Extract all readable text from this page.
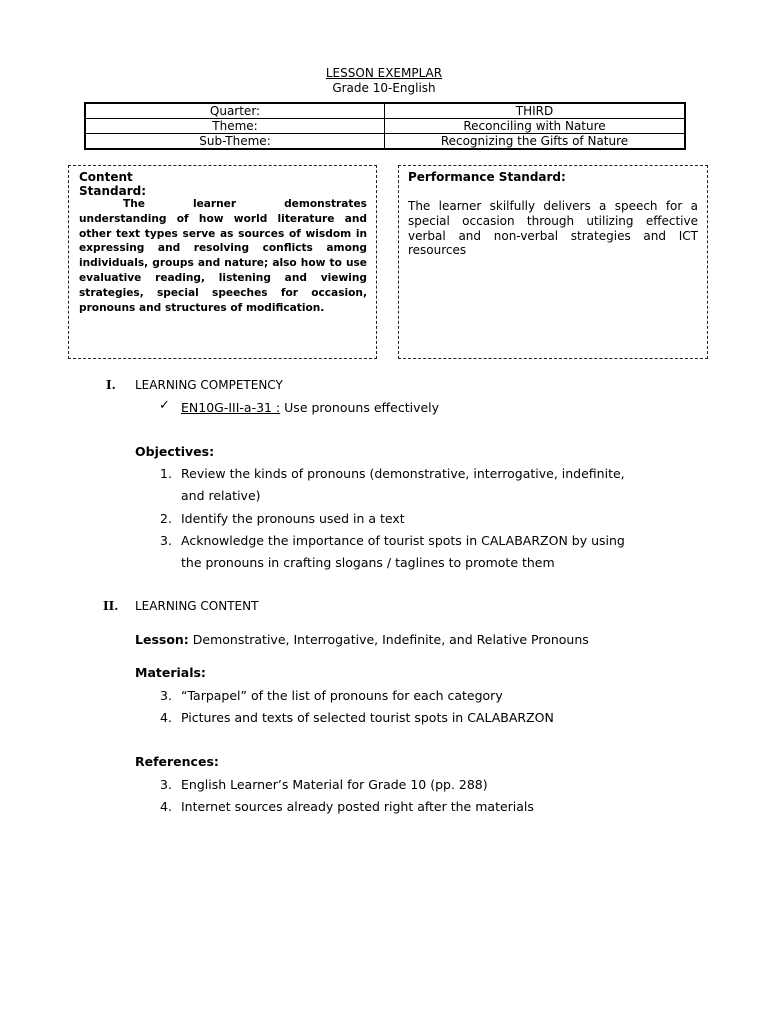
LESSON EXEMPLAR
Grade 10-English
Quarter:	THIRD
Theme:	Reconciling with Nature
Sub-Theme:	Recognizing the Gifts of Nature
Content
Standard:
The learner demonstrates understanding of how world literature and other text types serve as sources of wisdom in expressing and resolving conflicts among individuals, groups and nature; also how to use evaluative reading, listening and viewing strategies, special speeches for occasion, pronouns and structures of modification.
Performance Standard:
The learner skilfully delivers a speech for a special occasion through utilizing effective verbal and non-verbal strategies and ICT resources
I. LEARNING COMPETENCY
✓ EN10G-III-a-31 : Use pronouns effectively
Objectives:
1. Review the kinds of pronouns (demonstrative, interrogative, indefinite,
and relative)
2. Identify the pronouns used in a text
3. Acknowledge the importance of tourist spots in CALABARZON by using
the pronouns in crafting slogans / taglines to promote them
II. LEARNING CONTENT
Lesson: Demonstrative, Interrogative, Indefinite, and Relative Pronouns
Materials:
3. “Tarpapel” of the list of pronouns for each category
4. Pictures and texts of selected tourist spots in CALABARZON
References:
3. English Learner’s Material for Grade 10 (pp. 288)
4. Internet sources already posted right after the materials
